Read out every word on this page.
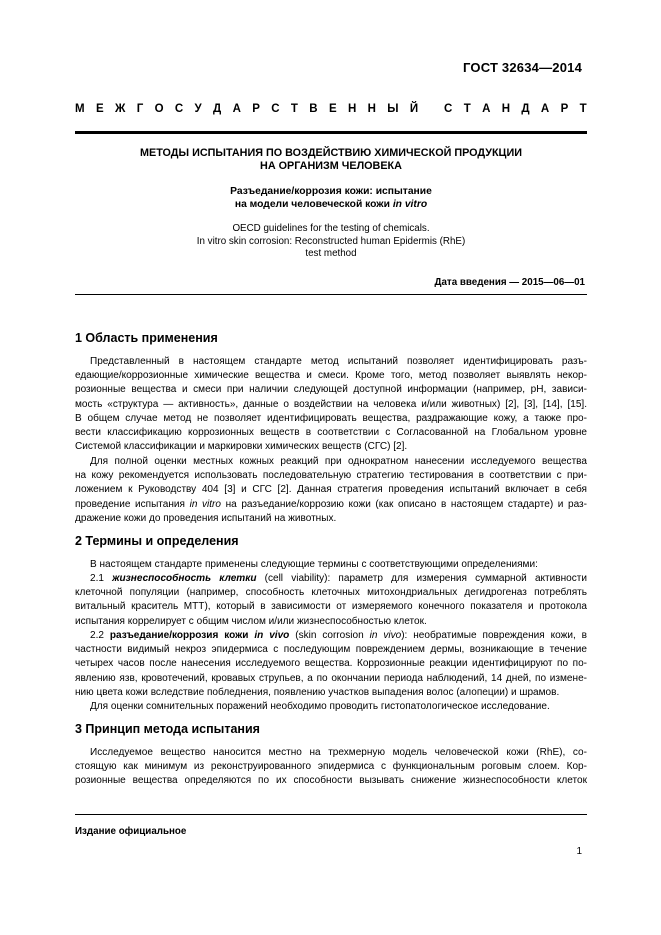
ГОСТ 32634—2014
М Е Ж Г О С У Д А Р С Т В Е Н Н Ы Й
С Т А Н Д А Р Т
МЕТОДЫ ИСПЫТАНИЯ ПО ВОЗДЕЙСТВИЮ ХИМИЧЕСКОЙ ПРОДУКЦИИ
НА ОРГАНИЗМ ЧЕЛОВЕКА
Разъедание/коррозия кожи: испытание
на модели человеческой кожи in vitro
OECD guidelines for the testing of chemicals.
In vitro skin corrosion: Reconstructed human Epidermis (RhE)
test method
Дата введения — 2015—06—01
1 Область применения
Представленный в настоящем стандарте метод испытаний позволяет идентифицировать разъ-
едающие/коррозионные химические вещества и смеси. Кроме того, метод позволяет выявлять некор-
розионные вещества и смеси при наличии следующей доступной информации (например, pH, зависи-
мость «структура — активность», данные о воздействии на человека и/или животных) [2], [3], [14], [15].
В общем случае метод не позволяет идентифицировать вещества, раздражающие кожу, а также про-
вести классификацию коррозионных веществ в соответствии с Согласованной на Глобальном уровне
Системой классификации и маркировки химических веществ (СГС) [2].
Для полной оценки местных кожных реакций при однократном нанесении исследуемого вещества
на кожу рекомендуется использовать последовательную стратегию тестирования в соответствии с при-
ложением к Руководству 404 [3] и СГС [2]. Данная стратегия проведения испытаний включает в себя
проведение испытания in vitro на разъедание/коррозию кожи (как описано в настоящем стадарте) и раз-
дражение кожи до проведения испытаний на животных.
2 Термины и определения
В настоящем стандарте применены следующие термины с соответствующими определениями:
2.1 жизнеспособность клетки (cell viability): параметр для измерения суммарной активности
клеточной популяции (например, способность клеточных митохондриальных дегидрогеназ потреблять
витальный краситель МТТ), который в зависимости от измеряемого конечного показателя и протокола
испытания коррелирует с общим числом и/или жизнеспособностью клеток.
2.2 разъедание/коррозия кожи in vivo (skin corrosion in vivo): необратимые повреждения кожи, в
частности видимый некроз эпидермиса с последующим повреждением дермы, возникающие в течение
четырех часов после нанесения исследуемого вещества. Коррозионные реакции идентифицируют по по-
явлению язв, кровотечений, кровавых струпьев, а по окончании периода наблюдений, 14 дней, по измене-
нию цвета кожи вследствие побледнения, появлению участков выпадения волос (алопеции) и шрамов.
Для оценки сомнительных поражений необходимо проводить гистопатологическое исследование.
3 Принцип метода испытания
Исследуемое вещество наносится местно на трехмерную модель человеческой кожи (RhE), со-
стоящую как минимум из реконструированного эпидермиса с функциональным роговым слоем. Кор-
розионные вещества определяются по их способности вызывать снижение жизнеспособности клеток
Издание официальное
1
